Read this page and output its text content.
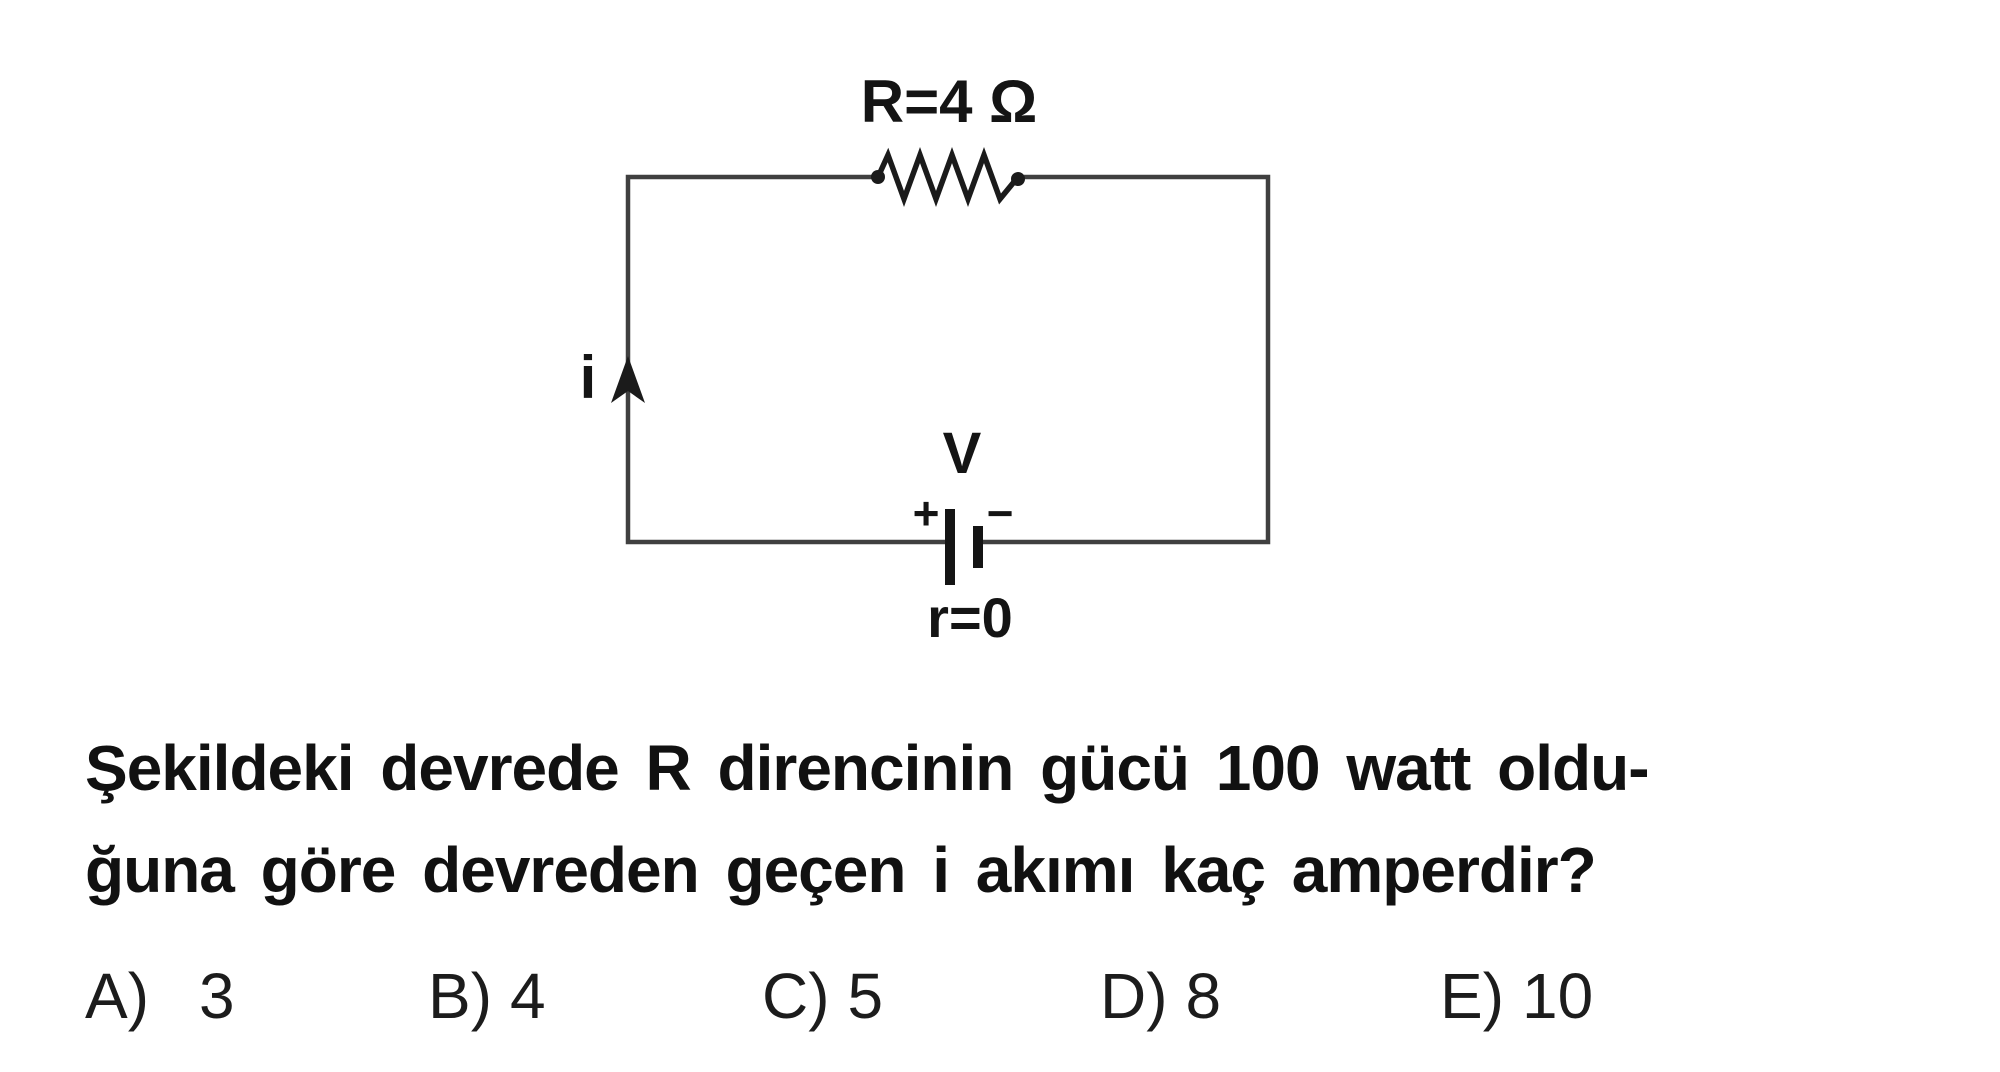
R=4 Ω
V
+ −
r=0
i
Şekildeki devrede R direncinin gücü 100 watt oldu-
ğuna göre devreden geçen i akımı kaç amperdir?
A) 3	B) 4	C) 5	D) 8	E) 10
